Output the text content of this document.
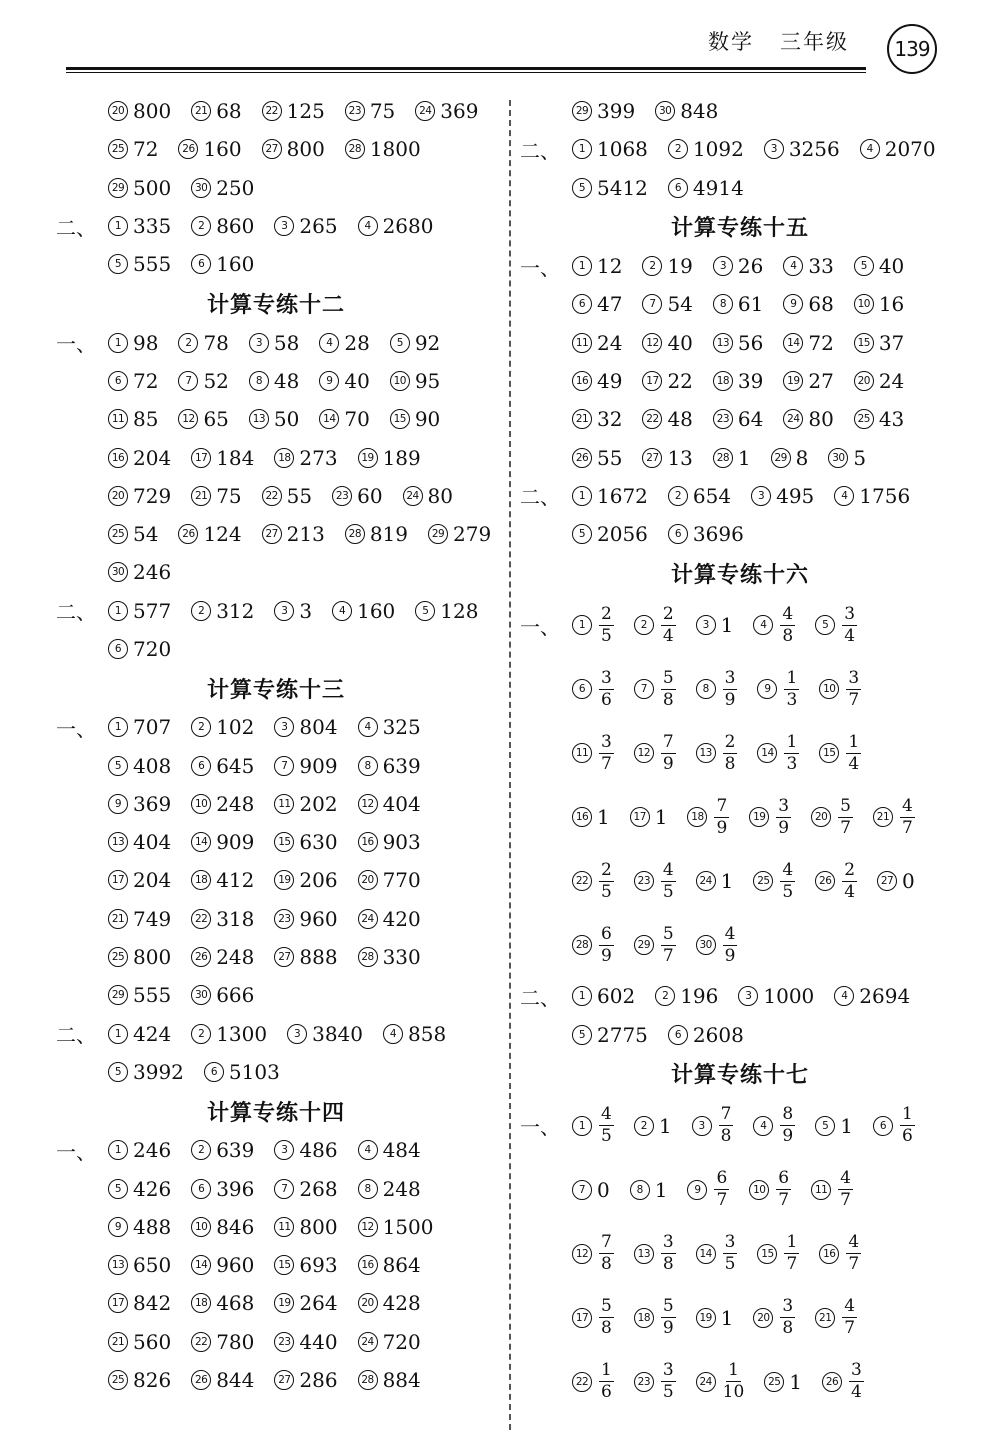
数学 三年级 139
20 800	21 68	22 125	23 75	24 369
25 72	26 160	27 800	28 1800
29 500	30 250
二、	1 335	2 860	3 265	4 2680
5 555	6 160
计算专练十二
一、	1 98	2 78	3 58	4 28	5 92
6 72	7 52	8 48	9 40	10 95
11 85	12 65	13 50	14 70	15 90
16 204	17 184	18 273	19 189
20 729	21 75	22 55	23 60	24 80
25 54	26 124	27 213	28 819	29 279
30 246
二、	1 577	2 312	3 3	4 160	5 128
6 720
计算专练十三
一、	1 707	2 102	3 804	4 325
5 408	6 645	7 909	8 639
9 369	10 248	11 202	12 404
13 404	14 909	15 630	16 903
17 204	18 412	19 206	20 770
21 749	22 318	23 960	24 420
25 800	26 248	27 888	28 330
29 555	30 666
二、	1 424	2 1300	3 3840	4 858
5 3992	6 5103
计算专练十四
一、	1 246	2 639	3 486	4 484
5 426	6 396	7 268	8 248
9 488	10 846	11 800	12 1500
13 650	14 960	15 693	16 864
17 842	18 468	19 264	20 428
21 560	22 780	23 440	24 720
25 826	26 844	27 286	28 884
29 399	30 848
二、	1 1068	2 1092	3 3256	4 2070
5 5412	6 4914
计算专练十五
一、	1 12	2 19	3 26	4 33	5 40
6 47	7 54	8 61	9 68	10 16
11 24	12 40	13 56	14 72	15 37
16 49	17 22	18 39	19 27	20 24
21 32	22 48	23 64	24 80	25 43
26 55	27 13	28 1	29 8	30 5
二、	1 1672	2 654	3 495	4 1756
5 2056	6 3696
计算专练十六
一、	$1 \frac{2}{5}$	$2 \frac{2}{4}$	3 1	$4 \frac{4}{8}$	$5 \frac{3}{4}$
$6 \frac{3}{6}$	$7 \frac{5}{8}$	$8 \frac{3}{9}$	$9 \frac{1}{3}$	$10 \frac{3}{7}$
$11 \frac{3}{7}$	$12 \frac{7}{9}$	$13 \frac{2}{8}$	$14 \frac{1}{3}$	$15 \frac{1}{4}$
16 1	17 1	$18 \frac{7}{9}$	$19 \frac{3}{9}$	$20 \frac{5}{7}$	$21 \frac{4}{7}$
$22 \frac{2}{5}$	$23 \frac{4}{5}$	24 1	$25 \frac{4}{5}$	$26 \frac{2}{4}$	27 0
$28 \frac{6}{9}$	$29 \frac{5}{7}$	$30 \frac{4}{9}$
二、	1 602	2 196	3 1000	4 2694
5 2775	6 2608
计算专练十七
一、	$1 \frac{4}{5}$	2 1	$3 \frac{7}{8}$	$4 \frac{8}{9}$	5 1	$6 \frac{1}{6}$
7 0	8 1	$9 \frac{6}{7}$	$10 \frac{6}{7}$	$11 \frac{4}{7}$
$12 \frac{7}{8}$	$13 \frac{3}{8}$	$14 \frac{3}{5}$	$15 \frac{1}{7}$	$16 \frac{4}{7}$
$17 \frac{5}{8}$	$18 \frac{5}{9}$	19 1	$20 \frac{3}{8}$	$21 \frac{4}{7}$
$22 \frac{1}{6}$	$23 \frac{3}{5}$	$24 \frac{1}{10}$	25 1	$26 \frac{3}{4}$
